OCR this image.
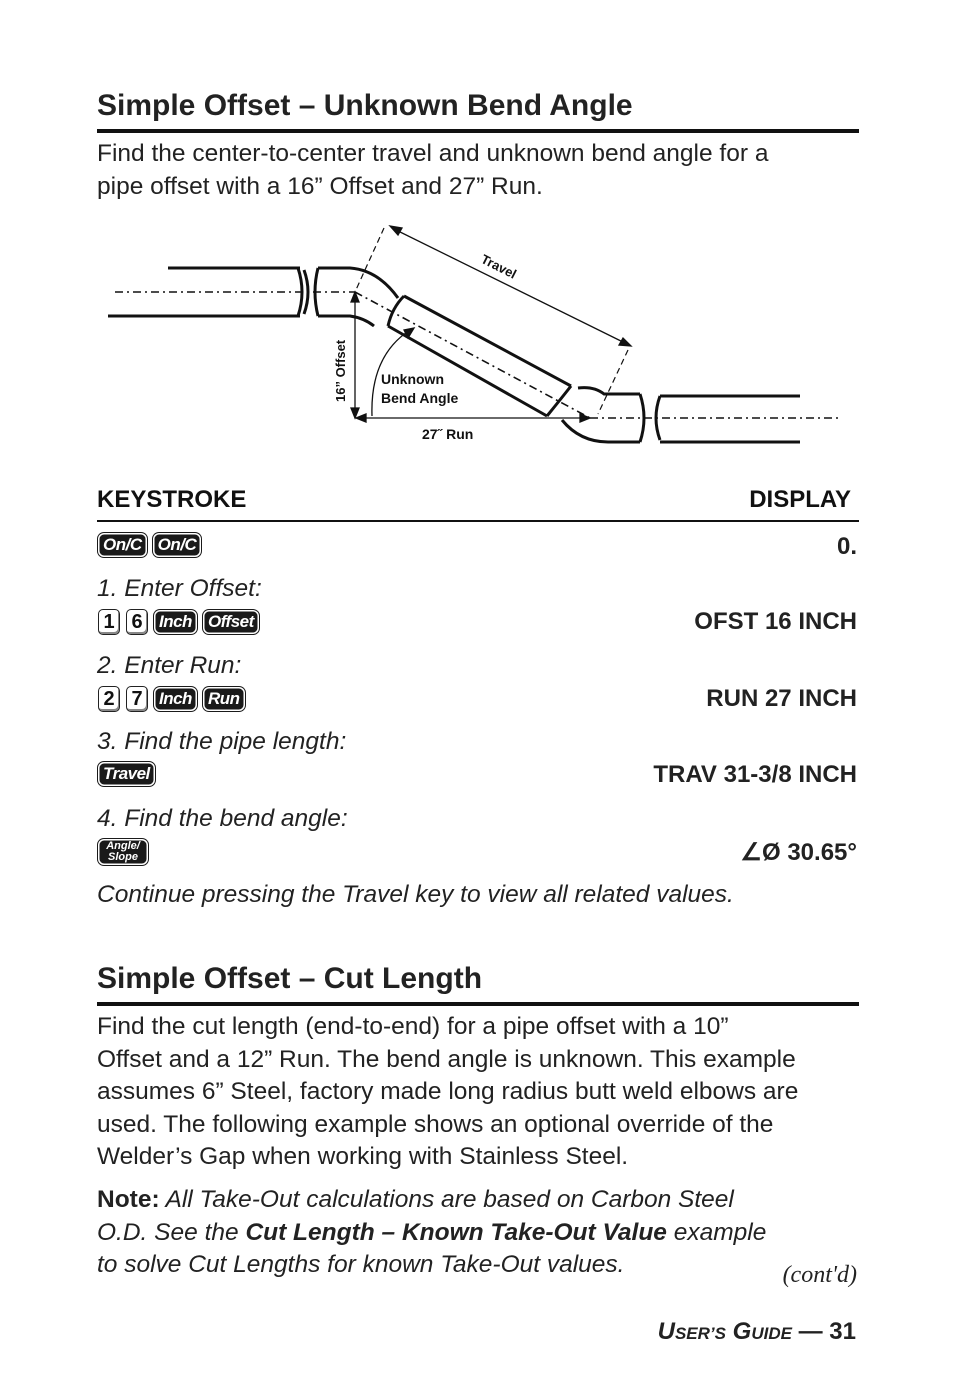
Simple Offset – Unknown Bend Angle
Find the center-to-center travel and unknown bend angle for a
pipe offset with a 16” Offset and 27” Run.
Travel
16” Offset Unknown
Bend Angle
27˝ Run
KEYSTROKE	DISPLAY
On/C On/C	0.
1. Enter Offset:
1 6 Inch Offset	OFST 16 INCH
2. Enter Run:
2 7 Inch Run	RUN 27 INCH
3. Find the pipe length:
Travel	TRAV 31-3/8 INCH
4. Find the bend angle:
Angle/
Slope	∠Ø 30.65°
Continue pressing the Travel key to view all related values.
Simple Offset – Cut Length
Find the cut length (end-to-end) for a pipe offset with a 10”
Offset and a 12” Run. The bend angle is unknown. This example
assumes 6” Steel, factory made long radius butt weld elbows are
used. The following example shows an optional override of the
Welder’s Gap when working with Stainless Steel.
Note: All Take-Out calculations are based on Carbon Steel
O.D. See the Cut Length – Known Take-Out Value example
to solve Cut Lengths for known Take-Out values.	(cont'd)
USER’S GUIDE — 31
